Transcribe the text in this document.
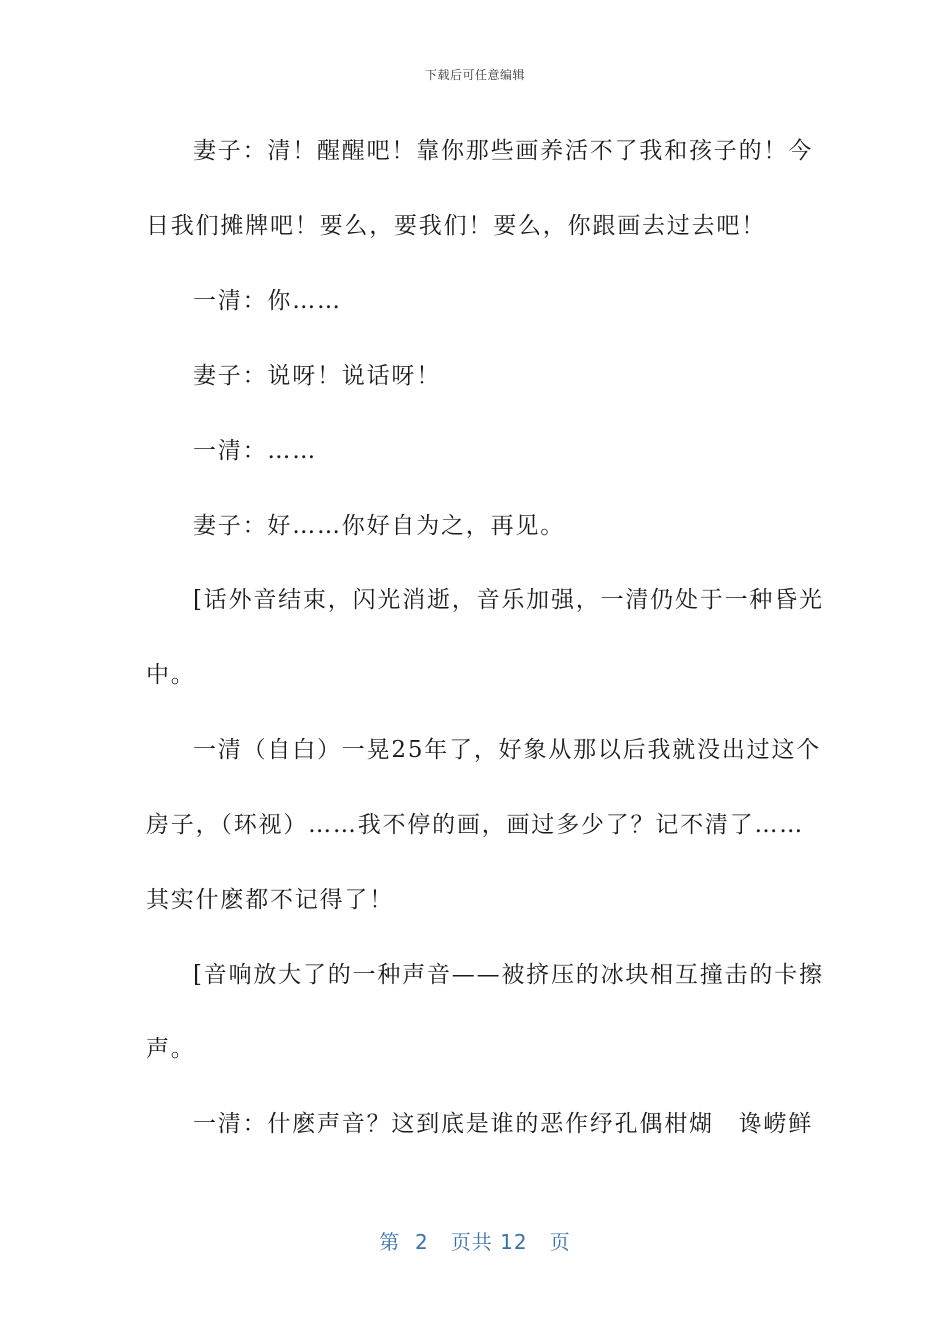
下载后可任意编辑
妻子：清！醒醒吧！靠你那些画养活不了我和孩子的！今
日我们摊牌吧！要么，要我们！要么，你跟画去过去吧！
一清：你……
妻子：说呀！说话呀！
一清：……
妻子：好……你好自为之，再见。
[话外音结束，闪光消逝，音乐加强，一清仍处于一种昏光
中。
一清（自白）一晃25年了，好象从那以后我就没出过这个
房子，（环视）……我不停的画，画过多少了？记不清了……
其实什麽都不记得了！
[音响放大了的一种声音——被挤压的冰块相互撞击的卡擦
声。
一清：什麽声音？这到底是谁的恶作纾孔偶柑煳　谗崂鲜
第 2 页共 12 页
